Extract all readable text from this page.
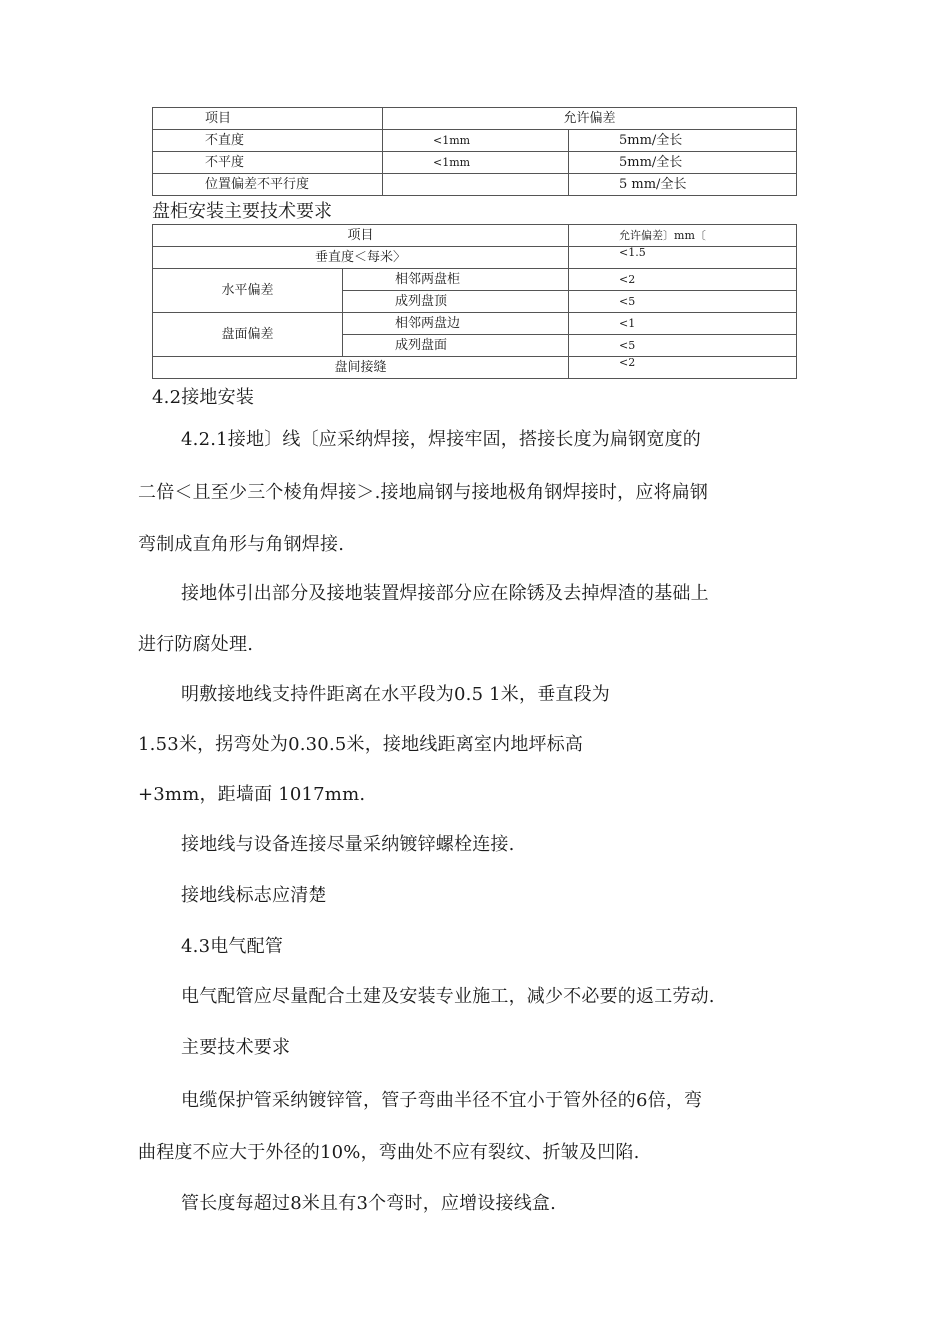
项目	允许偏差	
不直度	<1mm	5mm/全长
不平度	<1mm	5mm/全长
位置偏差不平行度		5 mm/全长
盘柜安装主要技术要求
项目		允许偏差〕mm〔
垂直度＜每米〉		<1.5
水平偏差	相邻两盘柜	<2
	成列盘顶	<5
盘面偏差	相邻两盘边	<1
	成列盘面	<5
盘间接缝		<2
4.2接地安装
4.2.1接地〕线〔应采纳焊接，焊接牢固，搭接长度为扁钢宽度的
二倍＜且至少三个棱角焊接＞.接地扁钢与接地极角钢焊接时，应将扁钢
弯制成直角形与角钢焊接.
接地体引出部分及接地装置焊接部分应在除锈及去掉焊渣的基础上
进行防腐处理.
明敷接地线支持件距离在水平段为0.5 1米，垂直段为
1.53米，拐弯处为0.30.5米，接地线距离室内地坪标高
+3mm，距墙面 1017mm.
接地线与设备连接尽量采纳镀锌螺栓连接.
接地线标志应清楚
4.3电气配管
电气配管应尽量配合土建及安装专业施工，减少不必要的返工劳动.
主要技术要求
电缆保护管采纳镀锌管，管子弯曲半径不宜小于管外径的6倍，弯
曲程度不应大于外径的10%，弯曲处不应有裂纹、折皱及凹陷.
管长度每超过8米且有3个弯时，应增设接线盒.
